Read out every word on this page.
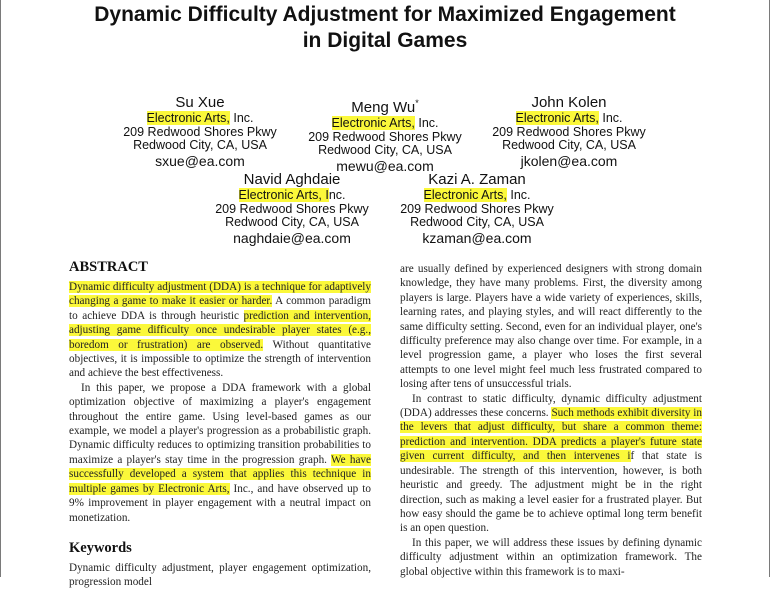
Dynamic Difficulty Adjustment for Maximized Engagement
in Digital Games
Su Xue
Electronic Arts, Inc.
209 Redwood Shores Pkwy
Redwood City, CA, USA
sxue@ea.com
Meng Wu*
Electronic Arts, Inc.
209 Redwood Shores Pkwy
Redwood City, CA, USA
mewu@ea.com
John Kolen
Electronic Arts, Inc.
209 Redwood Shores Pkwy
Redwood City, CA, USA
jkolen@ea.com
Navid Aghdaie
Electronic Arts, Inc.
209 Redwood Shores Pkwy
Redwood City, CA, USA
naghdaie@ea.com
Kazi A. Zaman
Electronic Arts, Inc.
209 Redwood Shores Pkwy
Redwood City, CA, USA
kzaman@ea.com
ABSTRACT

Dynamic difficulty adjustment (DDA) is a technique for adaptively changing a game to make it easier or harder. A common paradigm to achieve DDA is through heuristic prediction and intervention, adjusting game difficulty once undesirable player states (e.g., boredom or frustration) are observed. Without quantitative objectives, it is impossible to optimize the strength of intervention and achieve the best effectiveness.

In this paper, we propose a DDA framework with a global optimization objective of maximizing a player's engagement throughout the entire game. Using level-based games as our example, we model a player's progression as a probabilistic graph. Dynamic difficulty reduces to optimizing transition probabilities to maximize a player's stay time in the progression graph. We have successfully developed a system that applies this technique in multiple games by Electronic Arts, Inc., and have observed up to 9% improvement in player engagement with a neutral impact on monetization.

Keywords

Dynamic difficulty adjustment, player engagement optimization, progression model

are usually defined by experienced designers with strong domain knowledge, they have many problems. First, the diversity among players is large. Players have a wide variety of experiences, skills, learning rates, and playing styles, and will react differently to the same difficulty setting. Second, even for an individual player, one's difficulty preference may also change over time. For example, in a level progression game, a player who loses the first several attempts to one level might feel much less frustrated compared to losing after tens of unsuccessful trials.

In contrast to static difficulty, dynamic difficulty adjustment (DDA) addresses these concerns. Such methods exhibit diversity in the levers that adjust difficulty, but share a common theme: prediction and intervention. DDA predicts a player's future state given current difficulty, and then intervenes if that state is undesirable. The strength of this intervention, however, is both heuristic and greedy. The adjustment might be in the right direction, such as making a level easier for a frustrated player. But how easy should the game be to achieve optimal long term benefit is an open question.

In this paper, we will address these issues by defining dynamic difficulty adjustment within an optimization framework. The global objective within this framework is to maxi-
